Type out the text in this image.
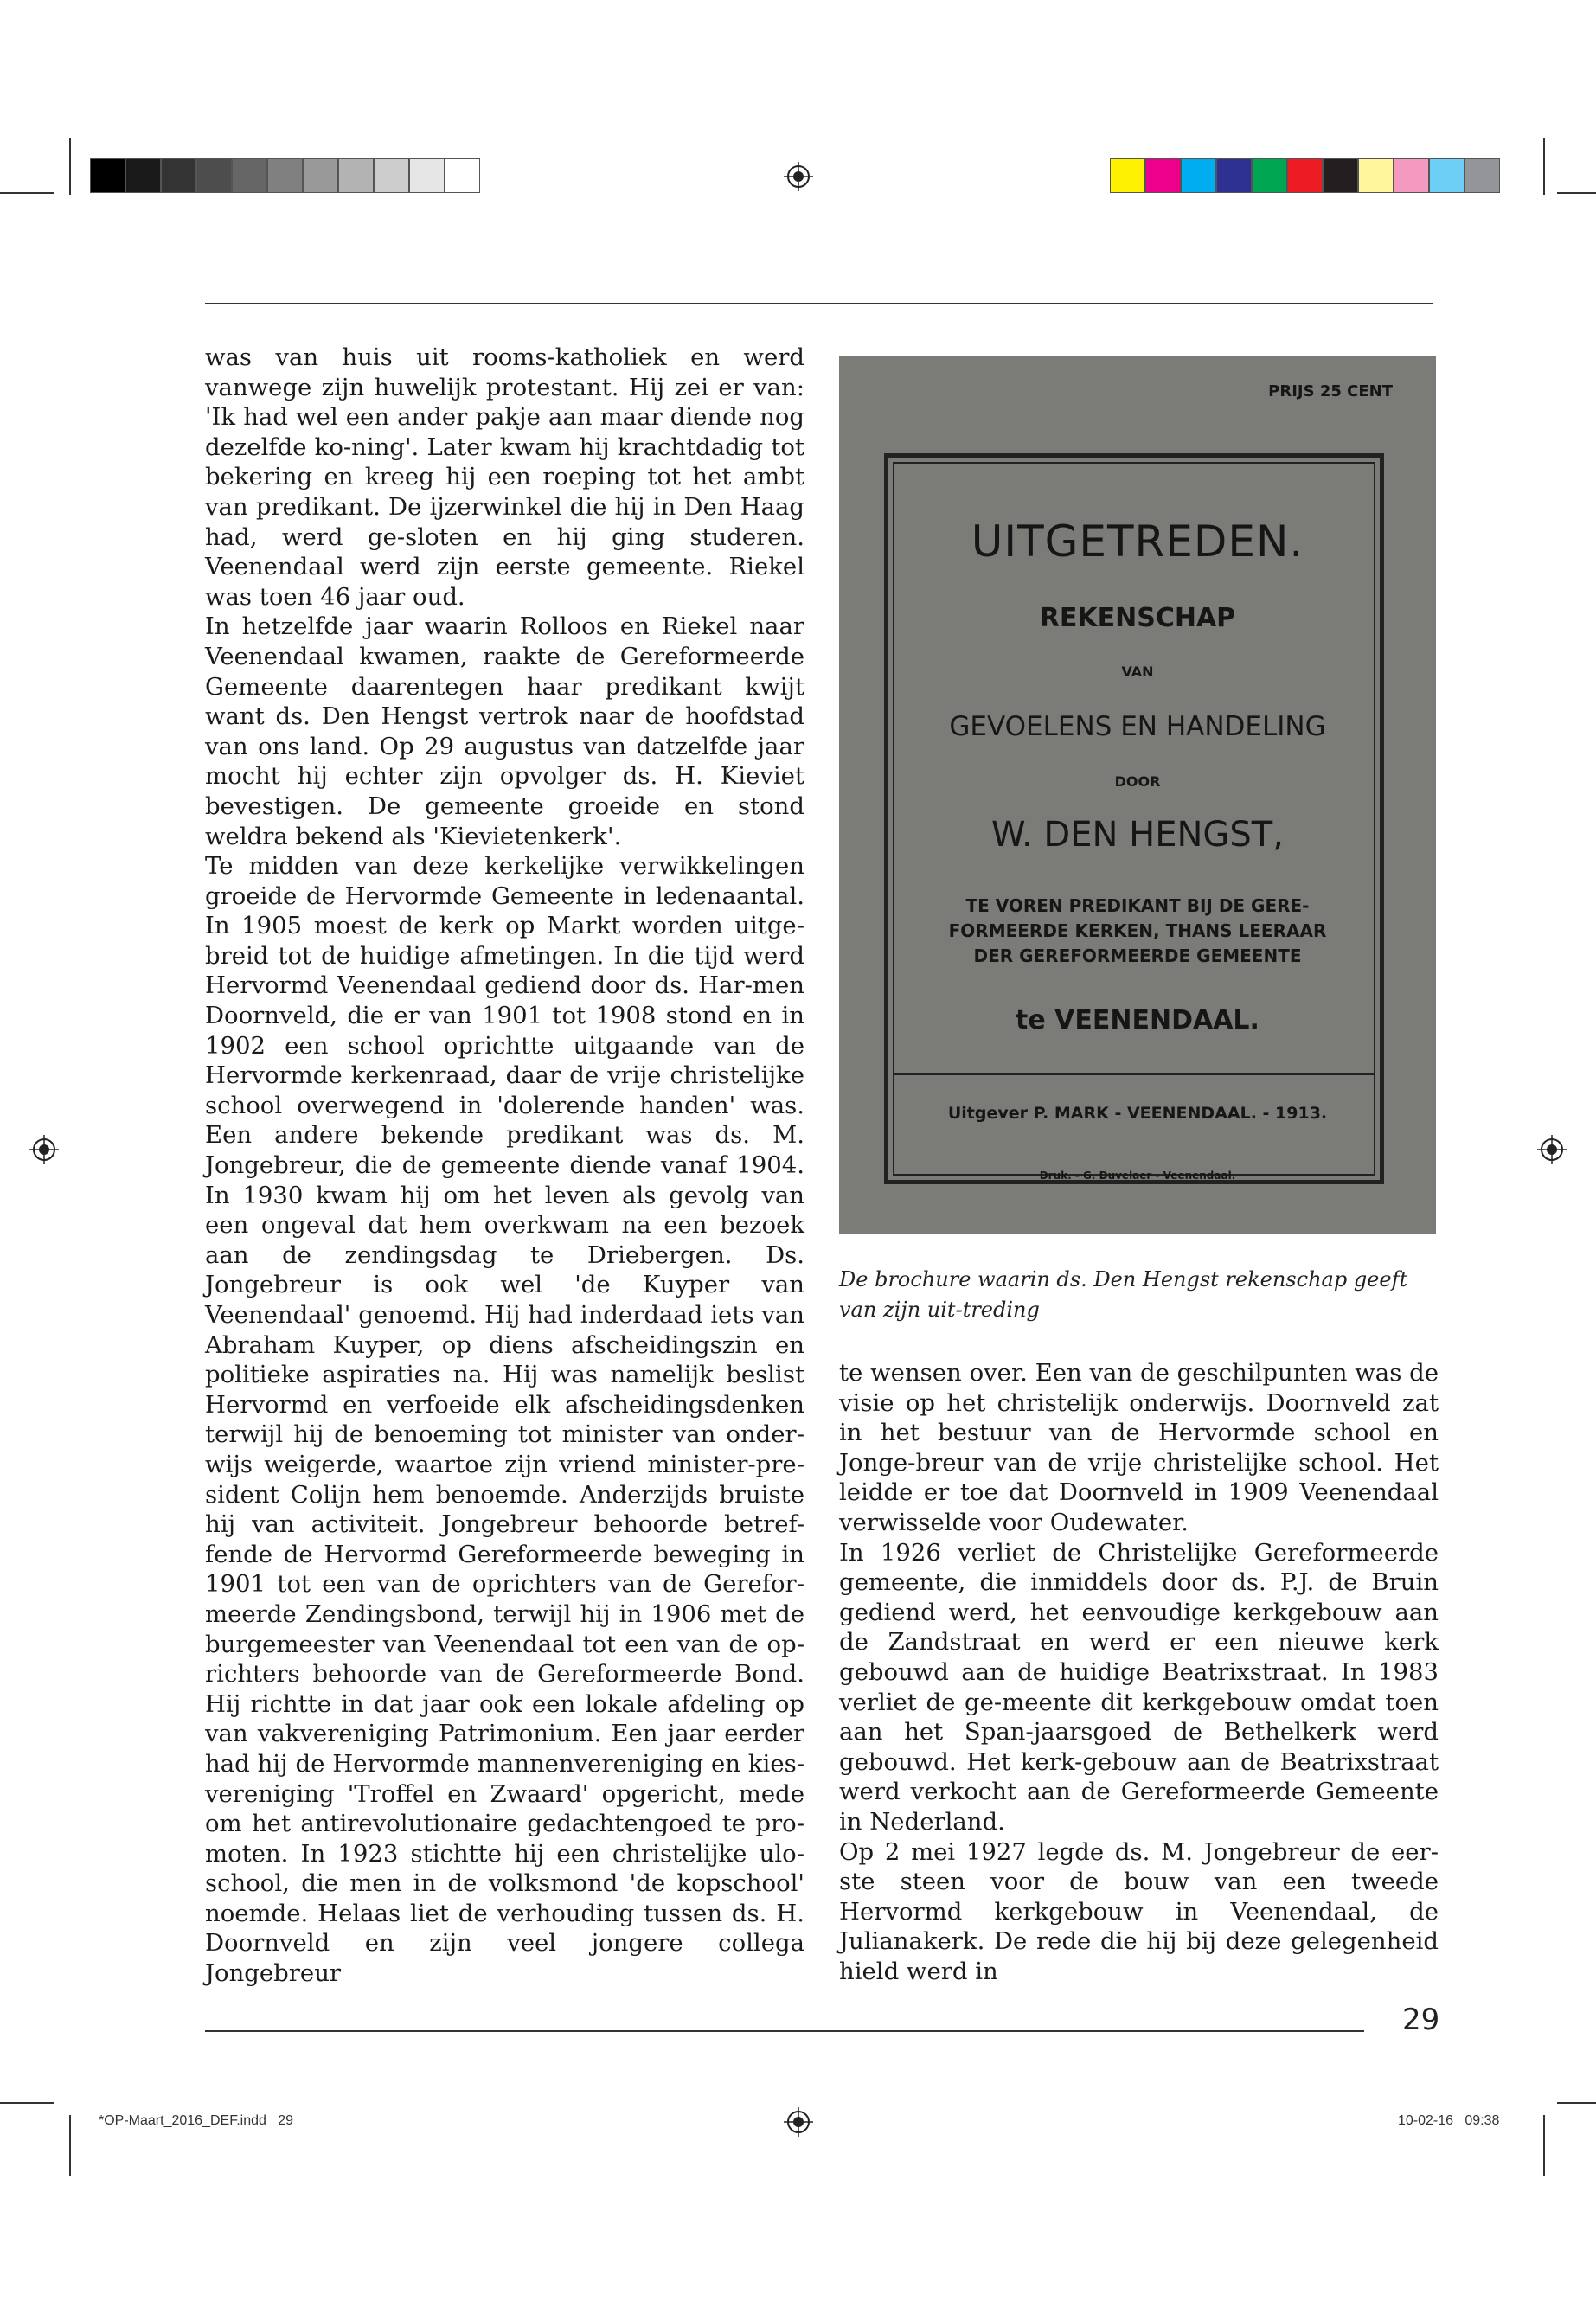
was van huis uit rooms-katholiek en werd vanwege zijn huwelijk protestant. Hij zei er van: 'Ik had wel een ander pakje aan maar diende nog dezelfde ko-ning'. Later kwam hij krachtdadig tot bekering en kreeg hij een roeping tot het ambt van predikant. De ijzerwinkel die hij in Den Haag had, werd ge-sloten en hij ging studeren. Veenendaal werd zijn eerste gemeente. Riekel was toen 46 jaar oud.

In hetzelfde jaar waarin Rolloos en Riekel naar Veenendaal kwamen, raakte de Gereformeerde Gemeente daarentegen haar predikant kwijt want ds. Den Hengst vertrok naar de hoofdstad van ons land. Op 29 augustus van datzelfde jaar mocht hij echter zijn opvolger ds. H. Kieviet bevestigen. De gemeente groeide en stond weldra bekend als 'Kievietenkerk'.

Te midden van deze kerkelijke verwikkelingen groeide de Hervormde Gemeente in ledenaantal. In 1905 moest de kerk op Markt worden uitge-breid tot de huidige afmetingen. In die tijd werd Hervormd Veenendaal gediend door ds. Har-men Doornveld, die er van 1901 tot 1908 stond en in 1902 een school oprichtte uitgaande van de Hervormde kerkenraad, daar de vrije christelijke school overwegend in 'dolerende handen' was. Een andere bekende predikant was ds. M. Jongebreur, die de gemeente diende vanaf 1904. In 1930 kwam hij om het leven als gevolg van een ongeval dat hem overkwam na een bezoek aan de zendingsdag te Driebergen. Ds. Jongebreur is ook wel 'de Kuyper van Veenendaal' genoemd. Hij had inderdaad iets van Abraham Kuyper, op diens afscheidingszin en politieke aspiraties na. Hij was namelijk beslist Hervormd en verfoeide elk afscheidingsdenken terwijl hij de benoeming tot minister van onder-wijs weigerde, waartoe zijn vriend minister-pre-sident Colijn hem benoemde. Anderzijds bruiste hij van activiteit. Jongebreur behoorde betref-fende de Hervormd Gereformeerde beweging in 1901 tot een van de oprichters van de Gerefor-meerde Zendingsbond, terwijl hij in 1906 met de burgemeester van Veenendaal tot een van de op-richters behoorde van de Gereformeerde Bond. Hij richtte in dat jaar ook een lokale afdeling op van vakvereniging Patrimonium. Een jaar eerder had hij de Hervormde mannenvereniging en kies-vereniging 'Troffel en Zwaard' opgericht, mede om het antirevolutionaire gedachtengoed te pro-moten. In 1923 stichtte hij een christelijke ulo-school, die men in de volksmond 'de kopschool' noemde. Helaas liet de verhouding tussen ds. H. Doornveld en zijn veel jongere collega Jongebreur

PRIJS 25 CENT
UITGETREDEN.
REKENSCHAP
VAN
GEVOELENS EN HANDELING
DOOR
W. DEN HENGST,
TE VOREN PREDIKANT BIJ DE GERE-
FORMEERDE KERKEN, THANS LEERAAR
DER GEREFORMEERDE GEMEENTE
te VEENENDAAL.
Uitgever P. MARK - VEENENDAAL. - 1913.
Druk. - G. Duvelaer - Veenendaal.
De brochure waarin ds. Den Hengst rekenschap geeft van zijn uit-treding

te wensen over. Een van de geschilpunten was de visie op het christelijk onderwijs. Doornveld zat in het bestuur van de Hervormde school en Jonge-breur van de vrije christelijke school. Het leidde er toe dat Doornveld in 1909 Veenendaal verwisselde voor Oudewater.

In 1926 verliet de Christelijke Gereformeerde gemeente, die inmiddels door ds. P.J. de Bruin gediend werd, het eenvoudige kerkgebouw aan de Zandstraat en werd er een nieuwe kerk gebouwd aan de huidige Beatrixstraat. In 1983 verliet de ge-meente dit kerkgebouw omdat toen aan het Span-jaarsgoed de Bethelkerk werd gebouwd. Het kerk-gebouw aan de Beatrixstraat werd verkocht aan de Gereformeerde Gemeente in Nederland.

Op 2 mei 1927 legde ds. M. Jongebreur de eer-ste steen voor de bouw van een tweede Hervormd kerkgebouw in Veenendaal, de Julianakerk. De rede die hij bij deze gelegenheid hield werd in

29
*OP-Maart_2016_DEF.indd   29	10-02-16   09:38
